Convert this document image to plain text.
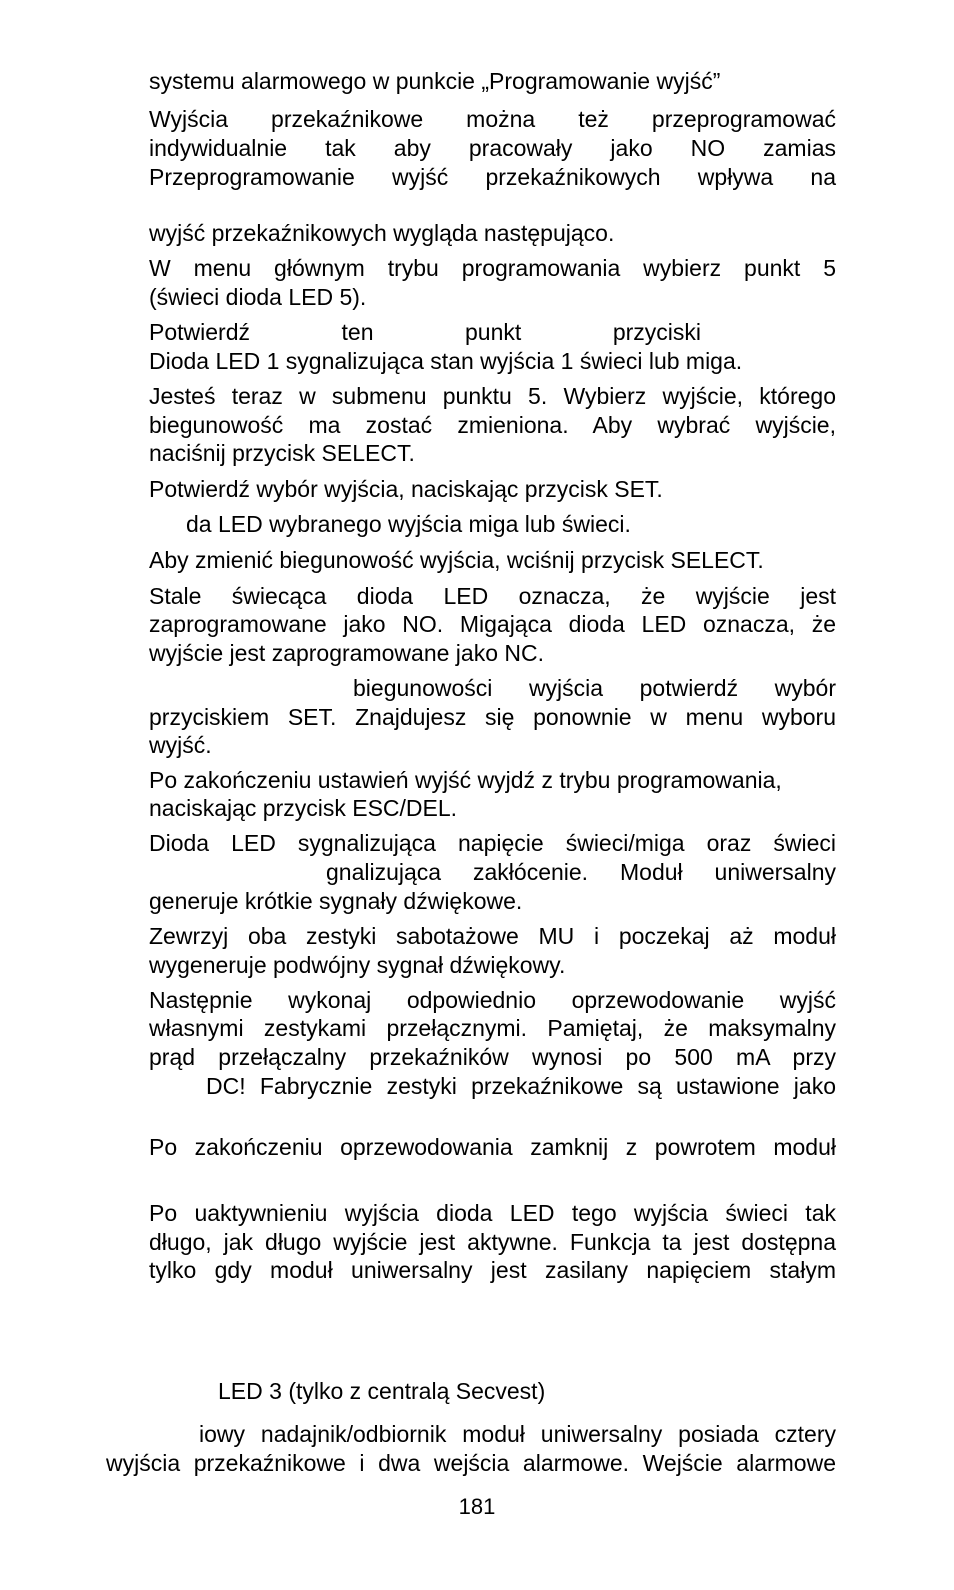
systemu alarmowego w punkcie „Programowanie wyjść”
Wyjścia przekaźnikowe można też przeprogramować
indywidualnie tak aby pracowały jako NO zamias
Przeprogramowanie wyjść przekaźnikowych wpływa na
wyjść przekaźnikowych wygląda następująco.
W menu głównym trybu programowania wybierz punkt 5
(świeci dioda LED 5).
Potwierdź ten punkt przyciski
Dioda LED 1 sygnalizująca stan wyjścia 1 świeci lub miga.
Jesteś teraz w submenu punktu 5. Wybierz wyjście, którego
biegunowość ma zostać zmieniona. Aby wybrać wyjście,
naciśnij przycisk SELECT.
Potwierdź wybór wyjścia, naciskając przycisk SET.
da LED wybranego wyjścia miga lub świeci.
Aby zmienić biegunowość wyjścia, wciśnij przycisk SELECT.
Stale świecąca dioda LED oznacza, że wyjście jest
zaprogramowane jako NO. Migająca dioda LED oznacza, że
wyjście jest zaprogramowane jako NC.
biegunowości wyjścia potwierdź wybór
przyciskiem SET. Znajdujesz się ponownie w menu wyboru
wyjść.
Po zakończeniu ustawień wyjść wyjdź z trybu programowania,
naciskając przycisk ESC/DEL.
Dioda LED sygnalizująca napięcie świeci/miga oraz świeci
gnalizująca zakłócenie. Moduł uniwersalny
generuje krótkie sygnały dźwiękowe.
Zewrzyj oba zestyki sabotażowe MU i poczekaj aż moduł
wygeneruje podwójny sygnał dźwiękowy.
Następnie wykonaj odpowiednio oprzewodowanie wyjść
własnymi zestykami przełącznymi. Pamiętaj, że maksymalny
prąd przełączalny przekaźników wynosi po 500 mA przy
DC! Fabrycznie zestyki przekaźnikowe są ustawione jako
Po zakończeniu oprzewodowania zamknij z powrotem moduł
Po uaktywnieniu wyjścia dioda LED tego wyjścia świeci tak
długo, jak długo wyjście jest aktywne. Funkcja ta jest dostępna
tylko gdy moduł uniwersalny jest zasilany napięciem stałym
LED 3 (tylko z centralą Secvest)
iowy nadajnik/odbiornik moduł uniwersalny posiada cztery
wyjścia przekaźnikowe i dwa wejścia alarmowe. Wejście alarmowe
181
